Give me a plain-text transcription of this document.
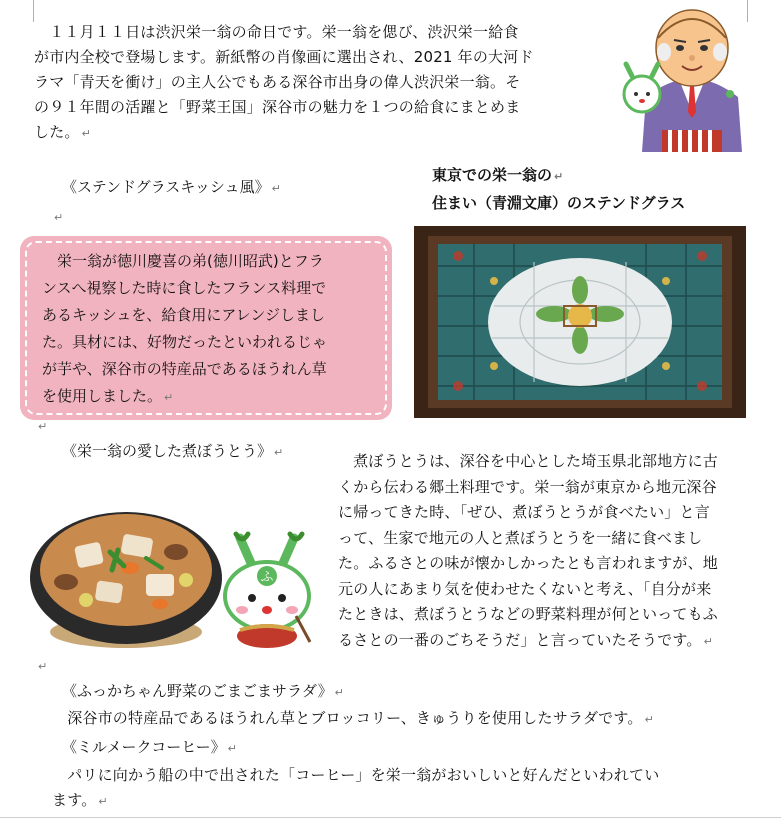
　１１月１１日は渋沢栄一翁の命日です。栄一翁を偲び、渋沢栄一給食
が市内全校で登場します。新紙幣の肖像画に選出され、2021 年の大河ド
ラマ「青天を衝け」の主人公でもある深谷市出身の偉人渋沢栄一翁。そ
の９１年間の活躍と「野菜王国」深谷市の魅力を１つの給食にまとめま
した。 ↵
《ステンドグラスキッシュ風》 ↵
↵
東京での栄一翁の ↵
住まい（青淵文庫）のステンドグラス
　栄一翁が徳川慶喜の弟(徳川昭武)とフラ
ンスへ視察した時に食したフランス料理で
あるキッシュを、給食用にアレンジしまし
た。具材には、好物だったといわれるじゃ
が芋や、深谷市の特産品であるほうれん草
を使用しました。 ↵
↵
《栄一翁の愛した煮ぼうとう》 ↵	　煮ぼうとうは、深谷を中心とした埼玉県北部地方に古
くから伝わる郷土料理です。栄一翁が東京から地元深谷
に帰ってきた時、「ぜひ、煮ぼうとうが食べたい」と言
って、生家で地元の人と煮ぼうとうを一緒に食べまし
た。ふるさとの味が懐かしかったとも言われますが、地
元の人にあまり気を使わせたくないと考え、「自分が来
たときは、煮ぼうとうなどの野菜料理が何といってもふ
るさとの一番のごちそうだ」と言っていたそうです。 ↵
ふ
↵
《ふっかちゃん野菜のごまごまサラダ》 ↵
　深谷市の特産品であるほうれん草とブロッコリー、きゅうりを使用したサラダです。 ↵
《ミルメークコーヒー》 ↵
　パリに向かう船の中で出された「コーヒー」を栄一翁がおいしいと好んだといわれてい
ます。 ↵
